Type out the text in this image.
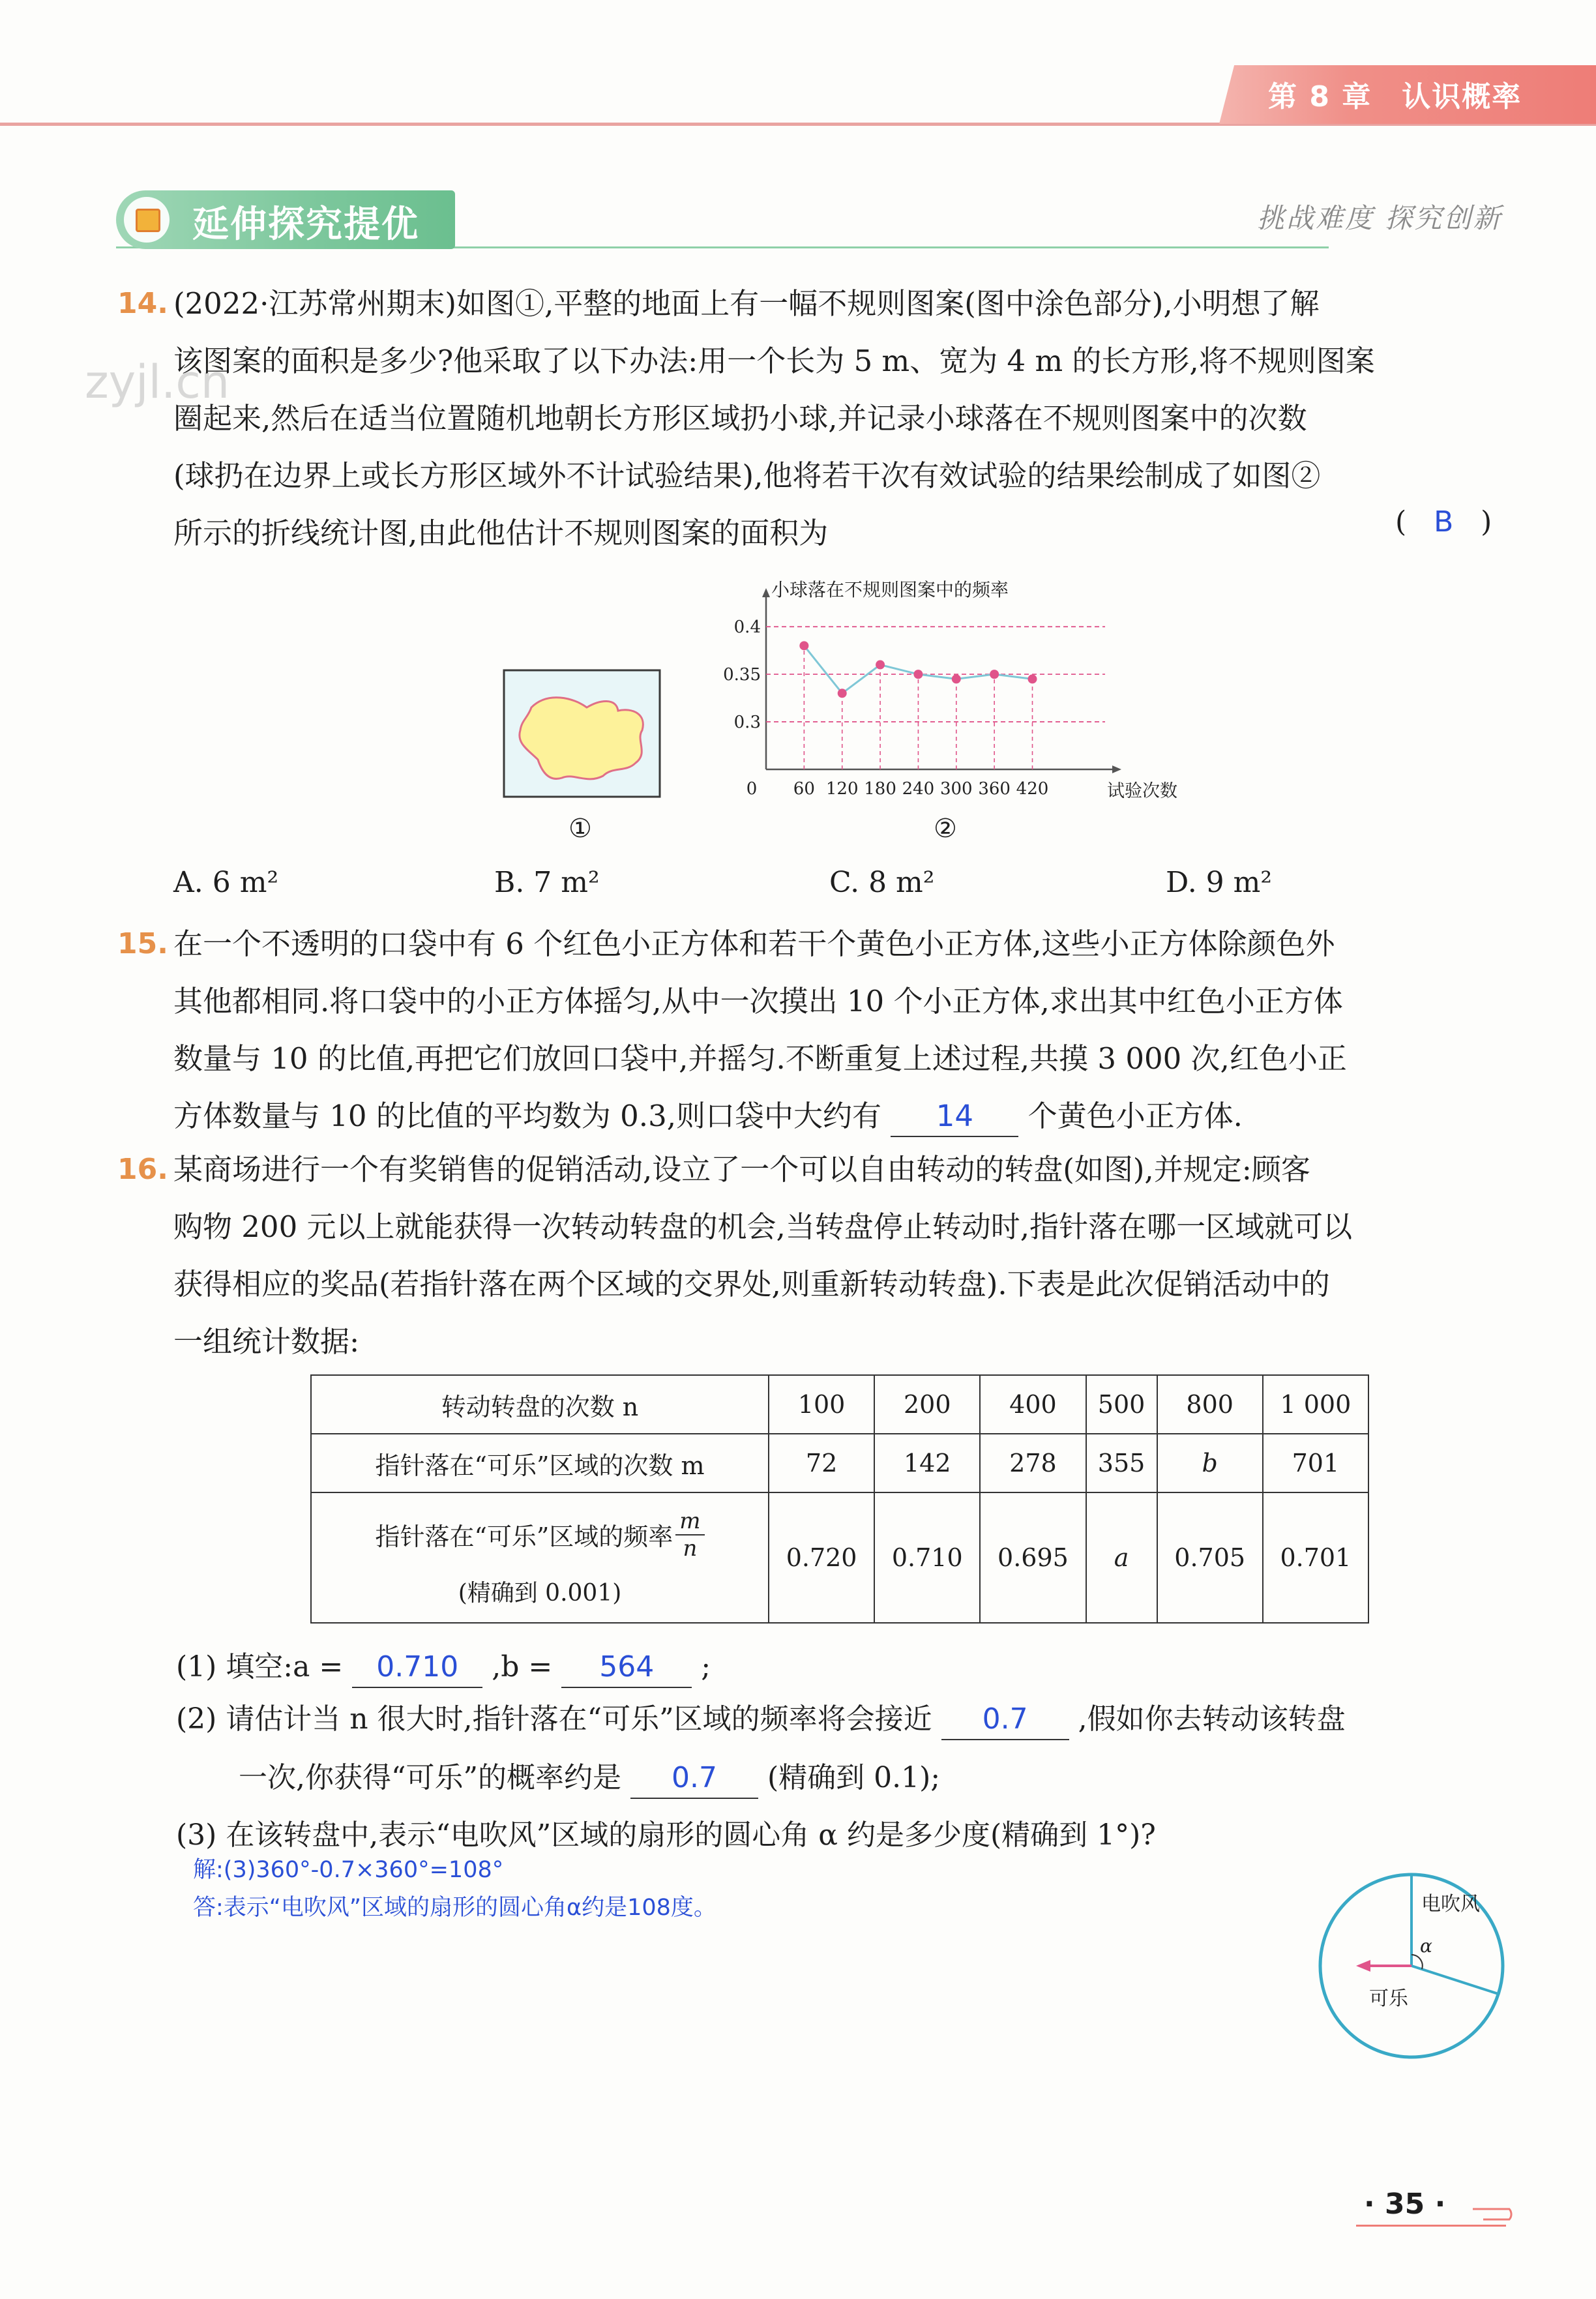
第 8 章　认识概率
延伸探究提优	挑战难度 探究创新
zyjl.cn
14. (2022·江苏常州期末)如图①,平整的地面上有一幅不规则图案(图中涂色部分),小明想了解
该图案的面积是多少?他采取了以下办法:用一个长为 5 m、宽为 4 m 的长方形,将不规则图案
圈起来,然后在适当位置随机地朝长方形区域扔小球,并记录小球落在不规则图案中的次数
(球扔在边界上或长方形区域外不计试验结果),他将若干次有效试验的结果绘制成了如图②
所示的折线统计图,由此他估计不规则图案的面积为	( B )
①
0.3
0.35
0.4
60 120 180 240 300 360 420
0
小球落在不规则图案中的频率
试验次数
②
A. 6 m²	B. 7 m²	C. 8 m²	D. 9 m²
15. 在一个不透明的口袋中有 6 个红色小正方体和若干个黄色小正方体,这些小正方体除颜色外
其他都相同.将口袋中的小正方体摇匀,从中一次摸出 10 个小正方体,求出其中红色小正方体
数量与 10 的比值,再把它们放回口袋中,并摇匀.不断重复上述过程,共摸 3 000 次,红色小正
方体数量与 10 的比值的平均数为 0.3,则口袋中大约有 14 个黄色小正方体.
16. 某商场进行一个有奖销售的促销活动,设立了一个可以自由转动的转盘(如图),并规定:顾客
购物 200 元以上就能获得一次转动转盘的机会,当转盘停止转动时,指针落在哪一区域就可以
获得相应的奖品(若指针落在两个区域的交界处,则重新转动转盘).下表是此次促销活动中的
一组统计数据:
转动转盘的次数 n	100	200	400	500	800	1 000
指针落在“可乐”区域的次数 m	72	142	278	355	b	701

指针落在“可乐”区域的频率 $\frac{m}{n}$
(精确到 0.001)	0.720	0.710	0.695	a	0.705	0.701
(1) 填空:a = 0.710 ,b = 564 ;
(2) 请估计当 n 很大时,指针落在“可乐”区域的频率将会接近 0.7 ,假如你去转动该转盘
一次,你获得“可乐”的概率约是 0.7 (精确到 0.1);
(3) 在该转盘中,表示“电吹风”区域的扇形的圆心角 α 约是多少度(精确到 1°)?
解:(3)360°-0.7×360°=108°
答:表示“电吹风”区域的扇形的圆心角α约是108度。	电吹风
α
可乐
· 35 ·
